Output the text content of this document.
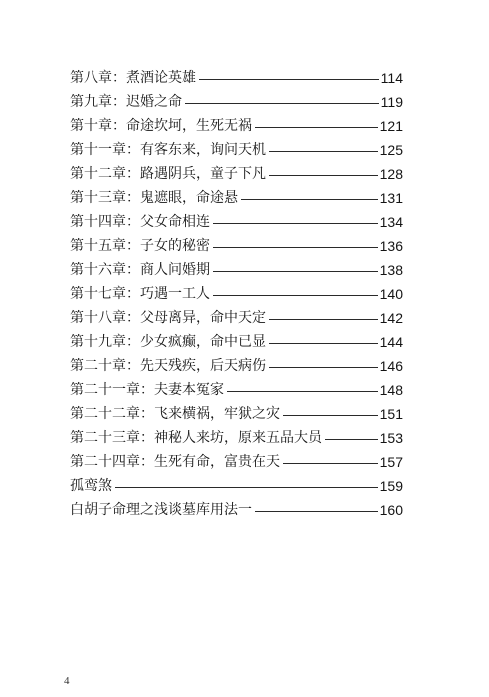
第八章：煮酒论英雄	114
第九章：迟婚之命	119
第十章：命途坎坷，生死无祸	121
第十一章：有客东来，询问天机	125
第十二章：路遇阴兵，童子下凡	128
第十三章：鬼遮眼，命途悬	131
第十四章：父女命相连	134
第十五章：子女的秘密	136
第十六章：商人问婚期	138
第十七章：巧遇一工人	140
第十八章：父母离异，命中天定	142
第十九章：少女疯癫，命中已显	144
第二十章：先天残疾，后天病伤	146
第二十一章：夫妻本冤家	148
第二十二章：飞来横祸，牢狱之灾	151
第二十三章：神秘人来坊，原来五品大员	153
第二十四章：生死有命，富贵在天	157
孤鸾煞	159
白胡子命理之浅谈墓库用法一	160
4
